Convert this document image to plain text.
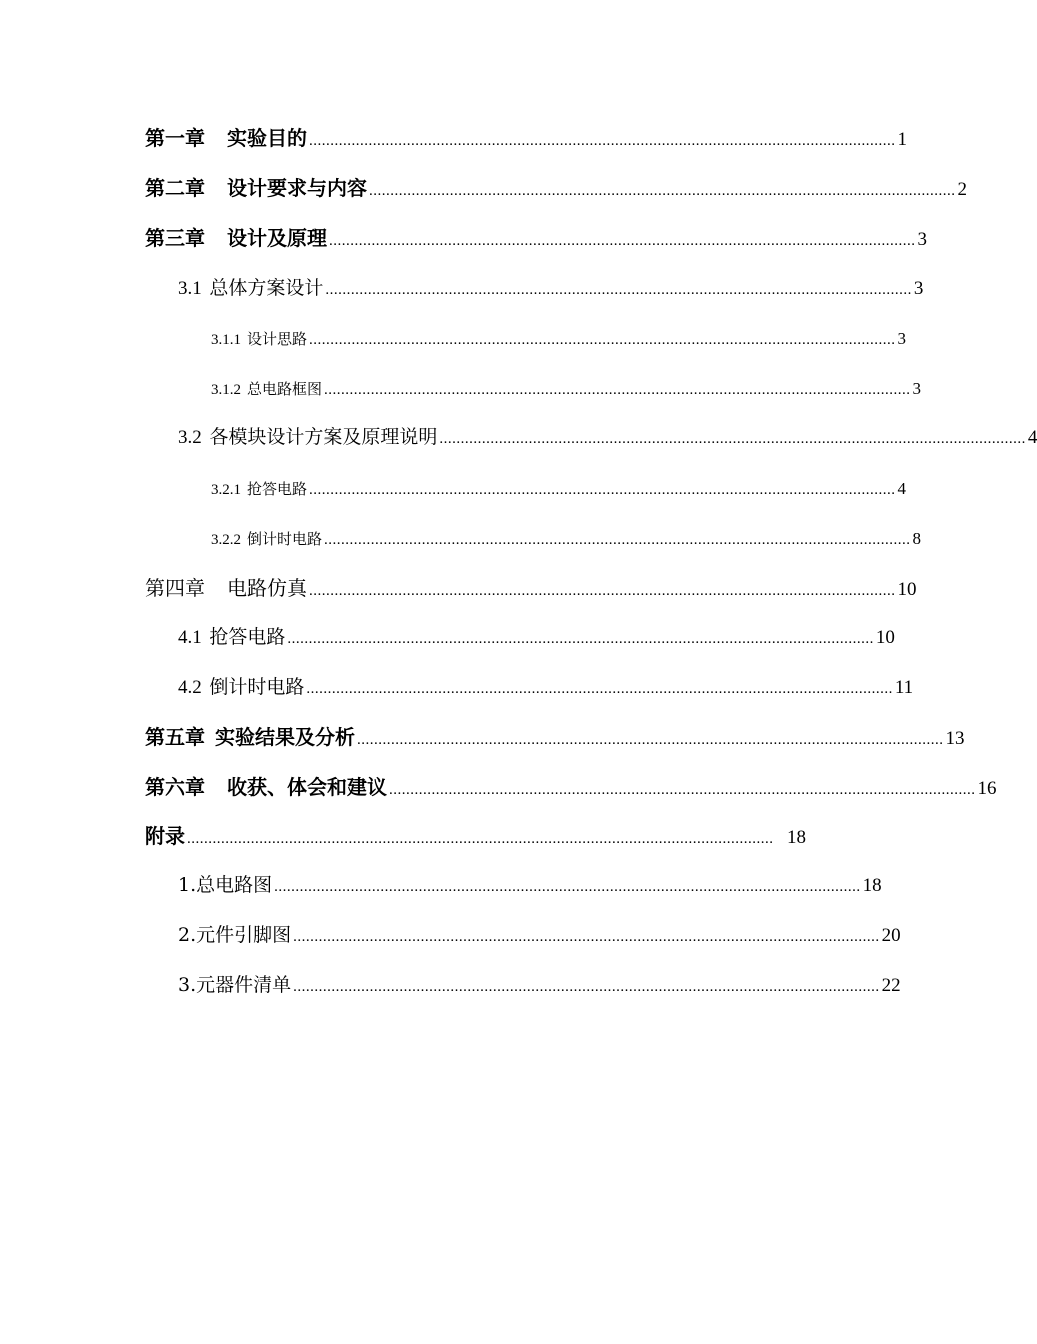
第一章 实验目的 .......................................................................................................................................... 1
第二章 设计要求与内容 .......................................................................................................................................... 2
第三章 设计及原理 .......................................................................................................................................... 3
3.1 总体方案设计 .......................................................................................................................................... 3
3.1.1 设计思路 .......................................................................................................................................... 3
3.1.2 总电路框图 .......................................................................................................................................... 3
3.2 各模块设计方案及原理说明 .......................................................................................................................................... 4
3.2.1 抢答电路 .......................................................................................................................................... 4
3.2.2 倒计时电路 .......................................................................................................................................... 8
第四章 电路仿真 .......................................................................................................................................... 10
4.1 抢答电路 .......................................................................................................................................... 10
4.2 倒计时电路 .......................................................................................................................................... 11
第五章 实验结果及分析 .......................................................................................................................................... 13
第六章 收获、体会和建议 .......................................................................................................................................... 16
附录 .......................................................................................................................................... 18
1.总电路图 .......................................................................................................................................... 18
2.元件引脚图 .......................................................................................................................................... 20
3.元器件清单 .......................................................................................................................................... 22
